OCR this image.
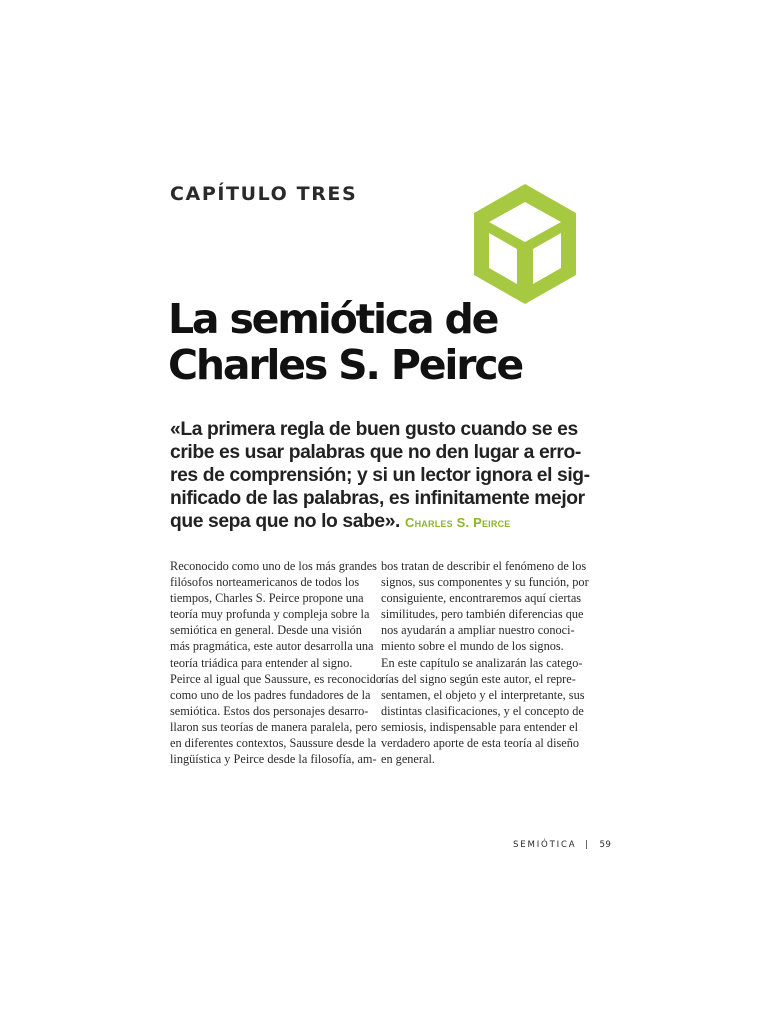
CAPÍTULO TRES
La semiótica de
Charles S. Peirce
«La primera regla de buen gusto cuando se es
cribe es usar palabras que no den lugar a erro-
res de comprensión; y si un lector ignora el sig-
nificado de las palabras, es infinitamente mejor
que sepa que no lo sabe». Charles S. Peirce
Reconocido como uno de los más grandes
filósofos norteamericanos de todos los
tiempos, Charles S. Peirce propone una
teoría muy profunda y compleja sobre la
semiótica en general. Desde una visión
más pragmática, este autor desarrolla una
teoría triádica para entender al signo.
Peirce al igual que Saussure, es reconocido
como uno de los padres fundadores de la
semiótica. Estos dos personajes desarro-
llaron sus teorías de manera paralela, pero
en diferentes contextos, Saussure desde la
lingüística y Peirce desde la filosofía, am-
bos tratan de describir el fenómeno de los
signos, sus componentes y su función, por
consiguiente, encontraremos aquí ciertas
similitudes, pero también diferencias que
nos ayudarán a ampliar nuestro conoci-
miento sobre el mundo de los signos.
En este capítulo se analizarán las catego-
rías del signo según este autor, el repre-
sentamen, el objeto y el interpretante, sus
distintas clasificaciones, y el concepto de
semiosis, indispensable para entender el
verdadero aporte de esta teoría al diseño
en general.
SEMIÓTICA | 59
